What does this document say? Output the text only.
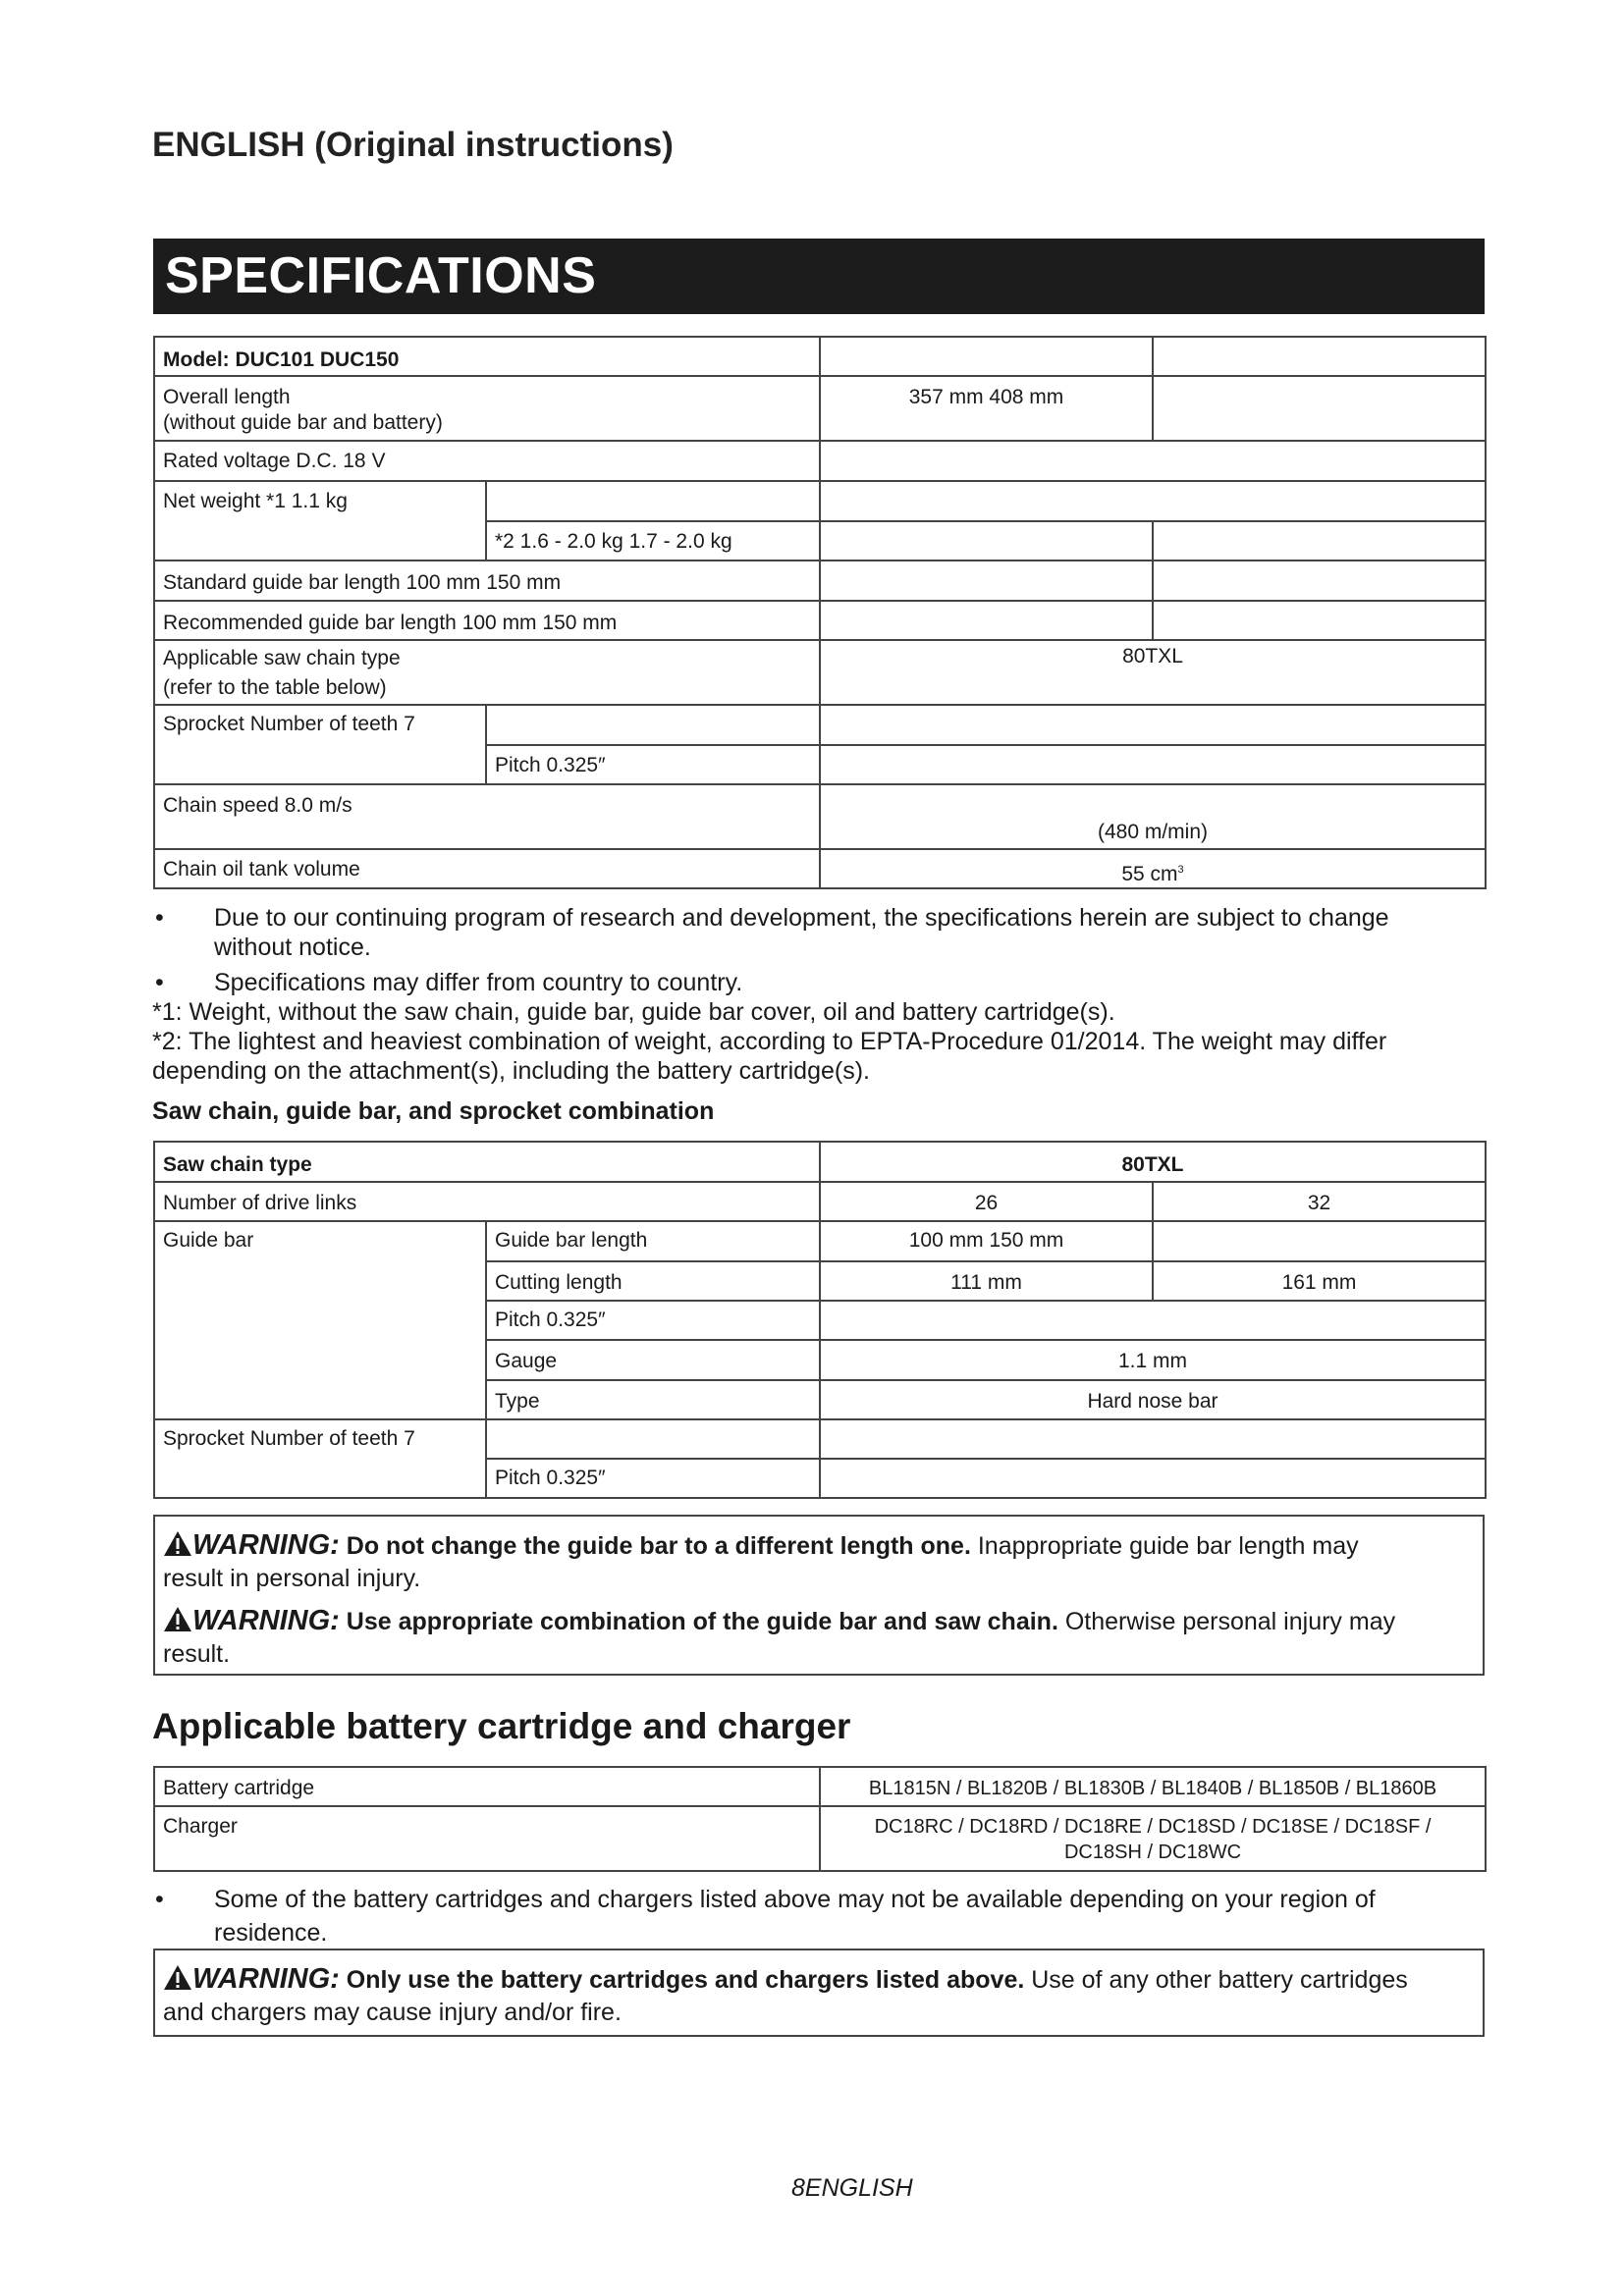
ENGLISH (Original instructions)
SPECIFICATIONS
Model: DUC101 DUC150			

Overall length
(without guide bar and battery)		357 mm 408 mm	
Rated voltage D.C. 18 V			
Net weight *1 1.1 kg			
	*2 1.6 - 2.0 kg 1.7 - 2.0 kg		
Standard guide bar length 100 mm 150 mm			
Recommended guide bar length 100 mm 150 mm			

Applicable saw chain type
(refer to the table below)		80TXL	
Sprocket Number of teeth 7			
	Pitch 0.325″		
Chain speed 8.0 m/s		(480 m/min)	
Chain oil tank volume		55 $cm^3$
• Due to our continuing program of research and development, the specifications herein are subject to change
without notice.
• Specifications may differ from country to country.
*1: Weight, without the saw chain, guide bar, guide bar cover, oil and battery cartridge(s).
*2: The lightest and heaviest combination of weight, according to EPTA-Procedure 01/2014. The weight may differ
depending on the attachment(s), including the battery cartridge(s).
Saw chain, guide bar, and sprocket combination
Saw chain type		80TXL	
Number of drive links		26	32
Guide bar	Guide bar length	100 mm 150 mm	
	Cutting length	111 mm	161 mm
	Pitch 0.325″		
	Gauge	1.1 mm	
	Type	Hard nose bar	
Sprocket Number of teeth 7			
	Pitch 0.325″		
WARNING: Do not change the guide bar to a different length one. Inappropriate guide bar length may
result in personal injury.
WARNING: Use appropriate combination of the guide bar and saw chain. Otherwise personal injury may
result.
Applicable battery cartridge and charger
Battery cartridge	BL1815N / BL1820B / BL1830B / BL1840B / BL1850B / BL1860B
Charger	DC18RC / DC18RD / DC18RE / DC18SD / DC18SE / DC18SF /
DC18SH / DC18WC
• Some of the battery cartridges and chargers listed above may not be available depending on your region of
residence.
WARNING: Only use the battery cartridges and chargers listed above. Use of any other battery cartridges
and chargers may cause injury and/or fire.
8ENGLISH
